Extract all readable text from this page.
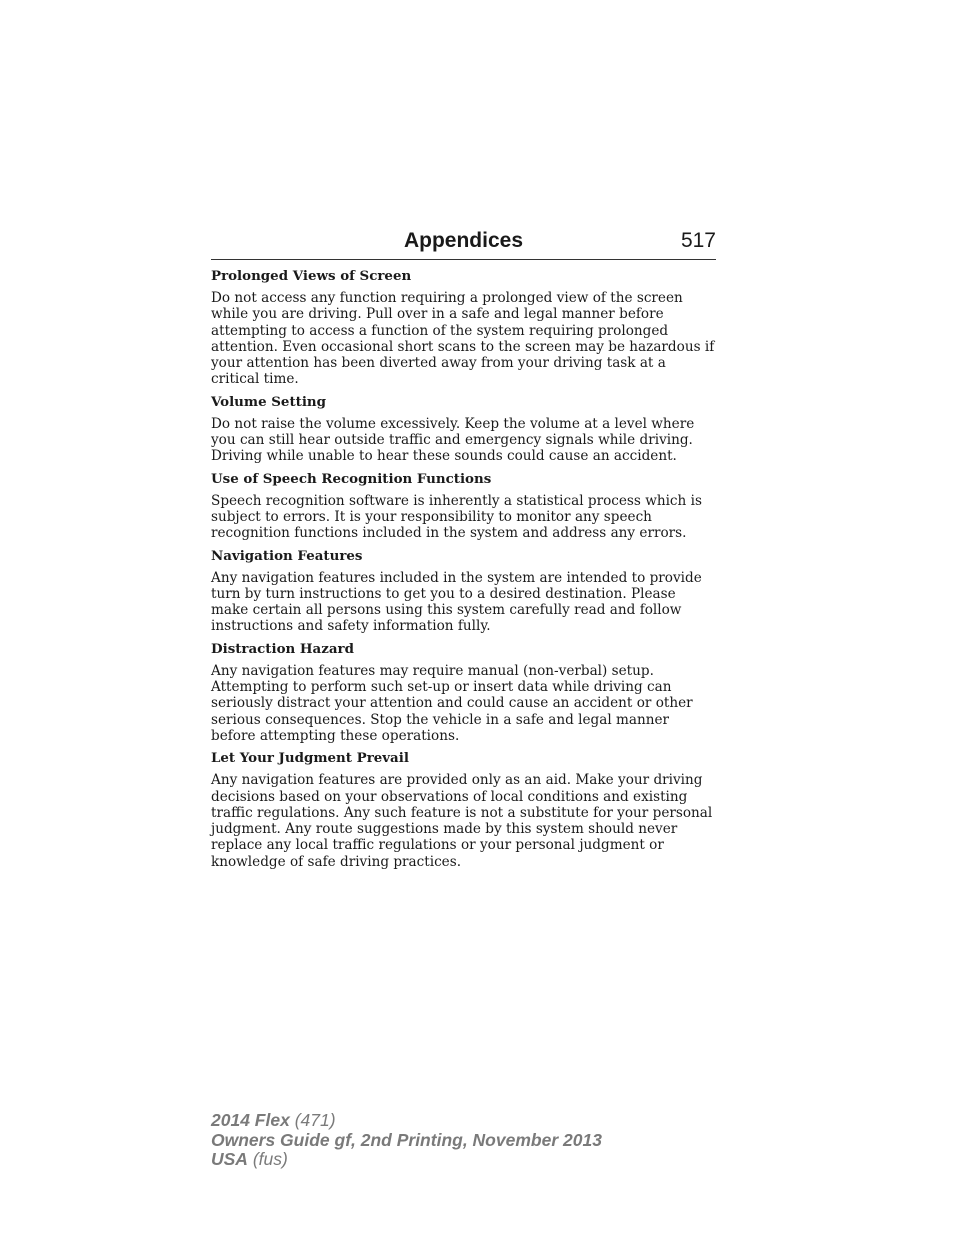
Appendices	517

Prolonged Views of Screen

Do not access any function requiring a prolonged view of the screen while you are driving. Pull over in a safe and legal manner before attempting to access a function of the system requiring prolonged attention. Even occasional short scans to the screen may be hazardous if your attention has been diverted away from your driving task at a critical time.

Volume Setting

Do not raise the volume excessively. Keep the volume at a level where you can still hear outside traffic and emergency signals while driving. Driving while unable to hear these sounds could cause an accident.

Use of Speech Recognition Functions

Speech recognition software is inherently a statistical process which is subject to errors. It is your responsibility to monitor any speech recognition functions included in the system and address any errors.

Navigation Features

Any navigation features included in the system are intended to provide turn by turn instructions to get you to a desired destination. Please make certain all persons using this system carefully read and follow instructions and safety information fully.

Distraction Hazard

Any navigation features may require manual (non-verbal) setup. Attempting to perform such set-up or insert data while driving can seriously distract your attention and could cause an accident or other serious consequences. Stop the vehicle in a safe and legal manner before attempting these operations.

Let Your Judgment Prevail

Any navigation features are provided only as an aid. Make your driving decisions based on your observations of local conditions and existing traffic regulations. Any such feature is not a substitute for your personal judgment. Any route suggestions made by this system should never replace any local traffic regulations or your personal judgment or knowledge of safe driving practices.

2014 Flex (471)
Owners Guide gf, 2nd Printing, November 2013
USA (fus)
